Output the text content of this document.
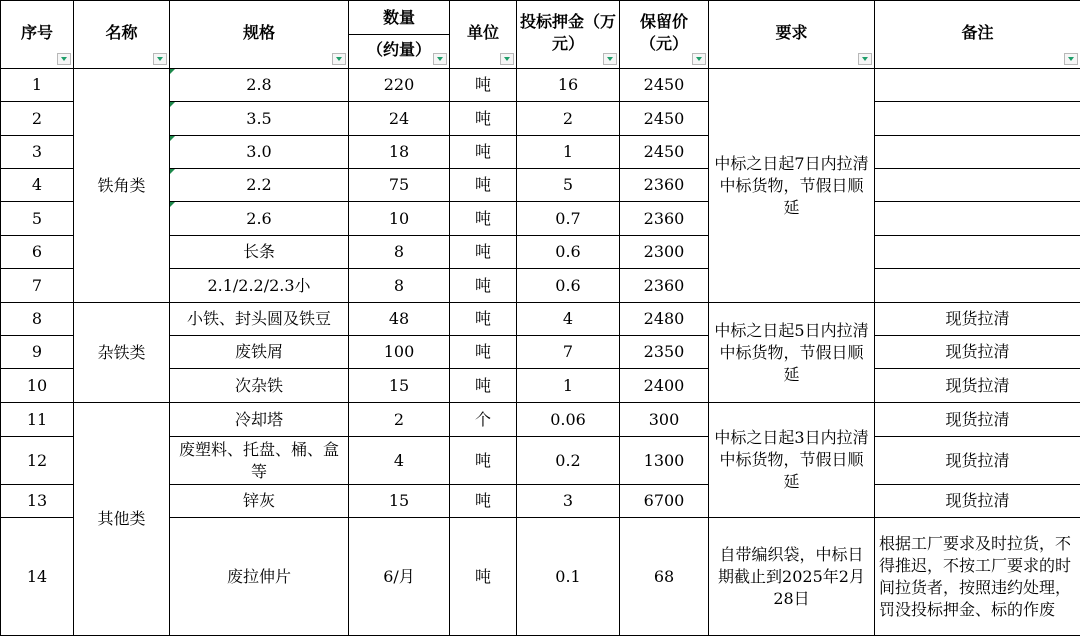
序号	名称	规格	数量	单位	投标押金（万元）	保留价（元）	要求	备注

			（约量）					

1	铁角类	2.8	220	吨	16	2450	中标之日起7日内拉清中标货物，节假日顺延	
2		3.5	24	吨	2	2450		
3		3.0	18	吨	1	2450		
4		2.2	75	吨	5	2360		
5		2.6	10	吨	0.7	2360		
6		长条	8	吨	0.6	2300		
7		2.1/2.2/2.3小	8	吨	0.6	2360		
8	杂铁类	小铁、封头圆及铁豆	48	吨	4	2480	中标之日起5日内拉清中标货物，节假日顺延	现货拉清
9		废铁屑	100	吨	7	2350		现货拉清
10		次杂铁	15	吨	1	2400		现货拉清
11	其他类	冷却塔	2	个	0.06	300	中标之日起3日内拉清中标货物，节假日顺延	现货拉清
12		废塑料、托盘、桶、盒等	4	吨	0.2	1300		现货拉清
13		锌灰	15	吨	3	6700		现货拉清
14		废拉伸片	6/月	吨	0.1	68	自带编织袋，中标日期截止到2025年2月28日	根据工厂要求及时拉货，不得推迟，不按工厂要求的时间拉货者，按照违约处理，罚没投标押金、标的作废
